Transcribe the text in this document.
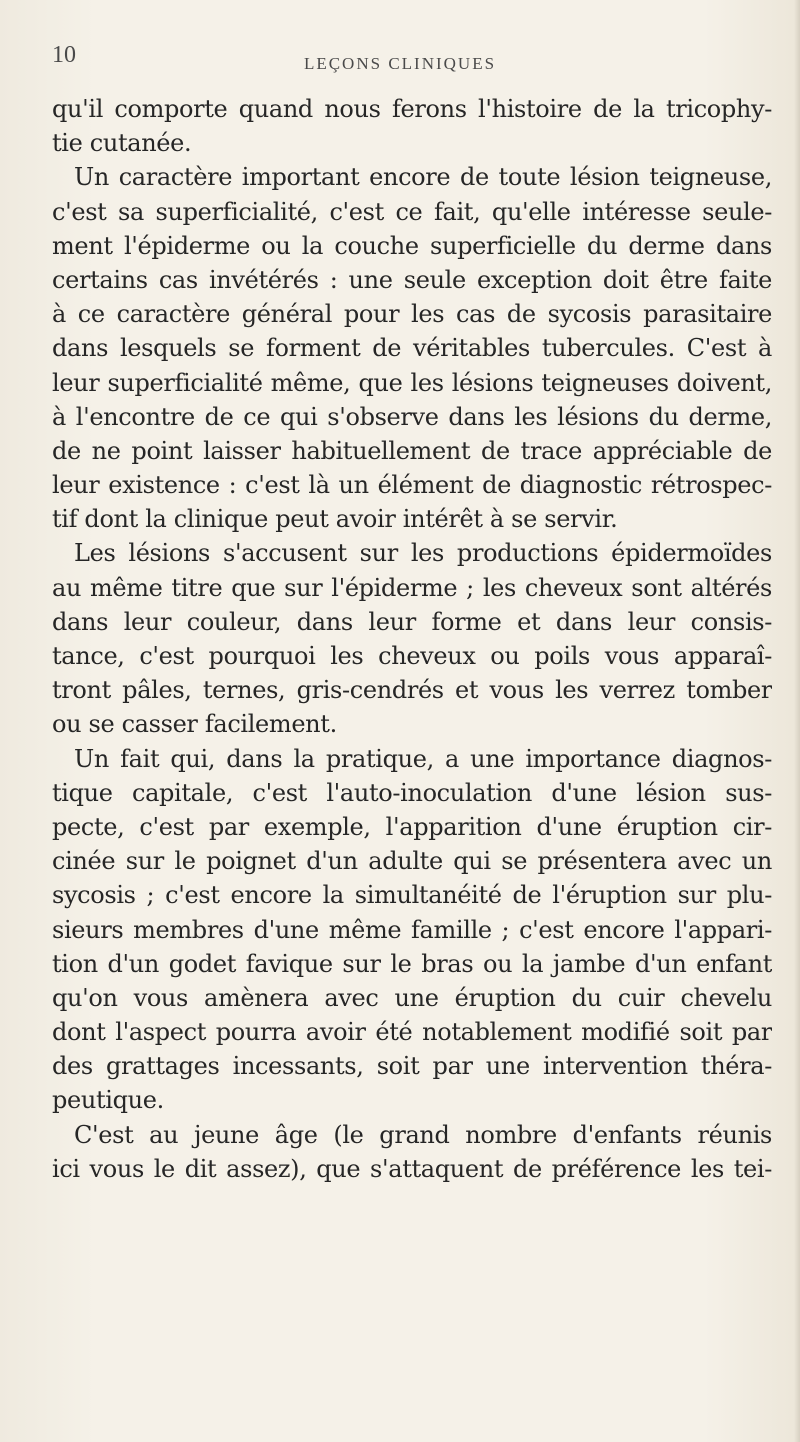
10	LEÇONS CLINIQUES
qu'il comporte quand nous ferons l'histoire de la tricophy-
tie cutanée.
Un caractère important encore de toute lésion teigneuse,
c'est sa superficialité, c'est ce fait, qu'elle intéresse seule-
ment l'épiderme ou la couche superficielle du derme dans
certains cas invétérés : une seule exception doit être faite
à ce caractère général pour les cas de sycosis parasitaire
dans lesquels se forment de véritables tubercules. C'est à
leur superficialité même, que les lésions teigneuses doivent,
à l'encontre de ce qui s'observe dans les lésions du derme,
de ne point laisser habituellement de trace appréciable de
leur existence : c'est là un élément de diagnostic rétrospec-
tif dont la clinique peut avoir intérêt à se servir.
Les lésions s'accusent sur les productions épidermoïdes
au même titre que sur l'épiderme ; les cheveux sont altérés
dans leur couleur, dans leur forme et dans leur consis-
tance, c'est pourquoi les cheveux ou poils vous apparaî-
tront pâles, ternes, gris-cendrés et vous les verrez tomber
ou se casser facilement.
Un fait qui, dans la pratique, a une importance diagnos-
tique capitale, c'est l'auto-inoculation d'une lésion sus-
pecte, c'est par exemple, l'apparition d'une éruption cir-
cinée sur le poignet d'un adulte qui se présentera avec un
sycosis ; c'est encore la simultanéité de l'éruption sur plu-
sieurs membres d'une même famille ; c'est encore l'appari-
tion d'un godet favique sur le bras ou la jambe d'un enfant
qu'on vous amènera avec une éruption du cuir chevelu
dont l'aspect pourra avoir été notablement modifié soit par
des grattages incessants, soit par une intervention théra-
peutique.
C'est au jeune âge (le grand nombre d'enfants réunis
ici vous le dit assez), que s'attaquent de préférence les tei-
